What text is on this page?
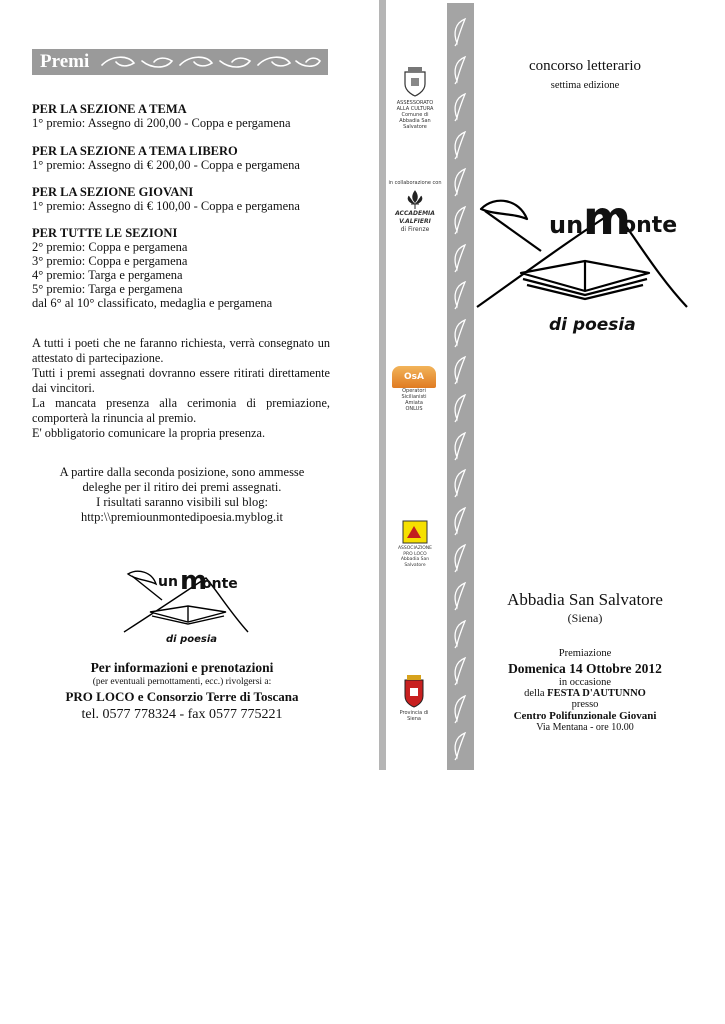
Premi
PER LA SEZIONE A TEMA
1° premio: Assegno di 200,00 - Coppa e pergamena
PER LA SEZIONE A TEMA LIBERO
1° premio: Assegno di € 200,00 - Coppa e pergamena
PER LA SEZIONE GIOVANI
1° premio: Assegno di € 100,00 - Coppa e pergamena
PER TUTTE LE SEZIONI
2° premio: Coppa e pergamena
3° premio: Coppa e pergamena
4° premio: Targa e pergamena
5° premio: Targa e pergamena
dal 6° al 10° classificato, medaglia e pergamena

A tutti i poeti che ne faranno richiesta, verrà consegnato un attestato di partecipazione.

Tutti i premi assegnati dovranno essere ritirati direttamente dai vincitori.

La mancata presenza alla cerimonia di premiazione, comporterà la rinuncia al premio.

E' obbligatorio comunicare la propria presenza.

A partire dalla seconda posizione, sono ammesse

deleghe per il ritiro dei premi assegnati.

I risultati saranno visibili sul blog:

http:\\premiounmontedipoesia.myblog.it

un m
onte
di poesia
Per informazioni e prenotazioni
(per eventuali pernottamenti, ecc.) rivolgersi a:
PRO LOCO e Consorzio Terre di Toscana
tel. 0577 778324 - fax 0577 775221
ASSESSORATO
ALLA CULTURA
Comune di
Abbadia San Salvatore
in collaborazione con
ACCADEMIA
V.ALFIERI
di Firenze
OsA
Operatori
Sicilianisti
Amiata
ONLUS
ASSOCIAZIONE
PRO LOCO
Abbadia San Salvatore
Provincia di
Siena
concorso letterario
settima edizione
un m
onte
di poesia
Abbadia San Salvatore
(Siena)
Premiazione
Domenica 14 Ottobre 2012
in occasione
della FESTA D'AUTUNNO
presso
Centro Polifunzionale Giovani
Via Mentana - ore 10.00
